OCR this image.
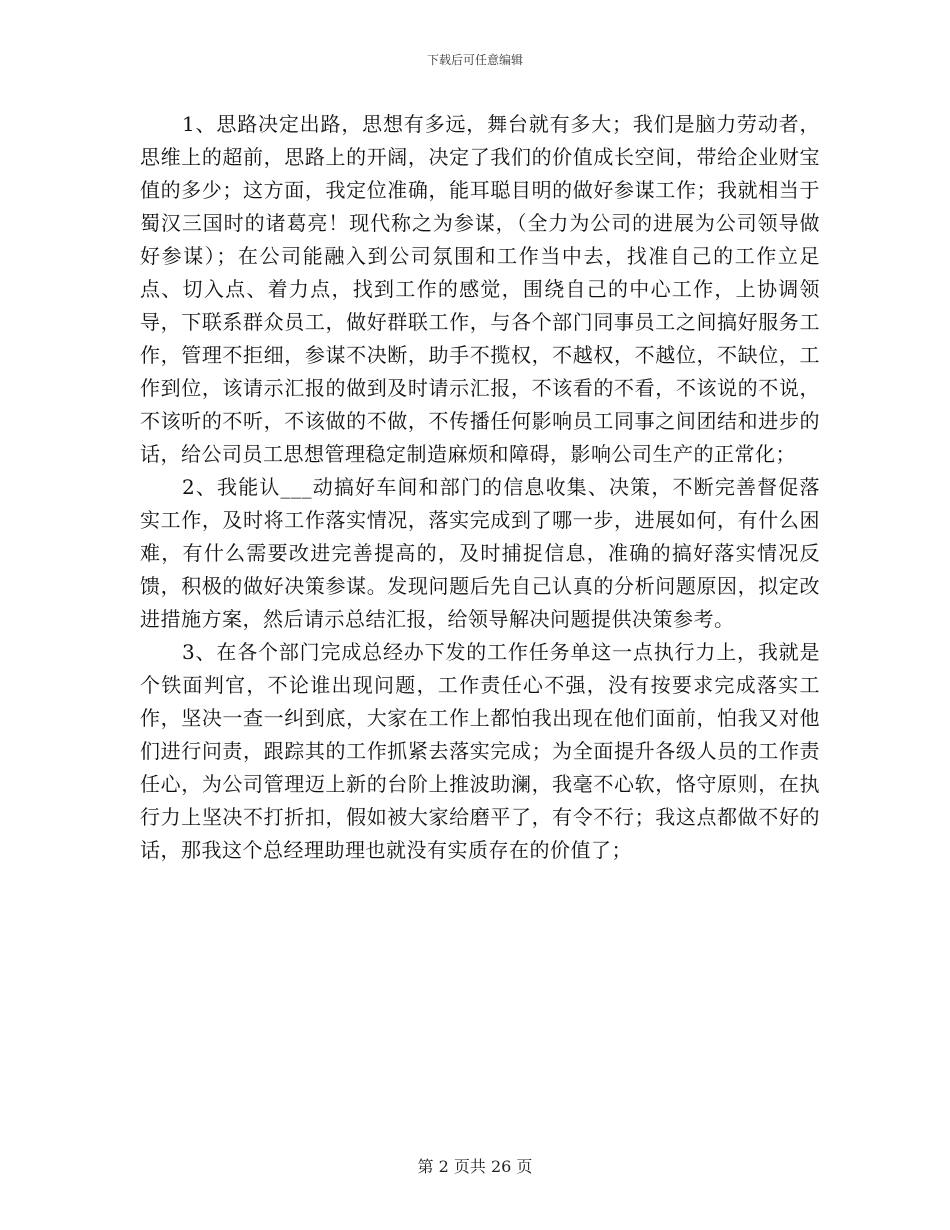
下载后可任意编辑

1、思路决定出路，思想有多远，舞台就有多大；我们是脑力劳动者，思维上的超前，思路上的开阔，决定了我们的价值成长空间，带给企业财宝值的多少；这方面，我定位准确，能耳聪目明的做好参谋工作；我就相当于蜀汉三国时的诸葛亮！现代称之为参谋，（全力为公司的进展为公司领导做好参谋）；在公司能融入到公司氛围和工作当中去，找准自己的工作立足点、切入点、着力点，找到工作的感觉，围绕自己的中心工作，上协调领导，下联系群众员工，做好群联工作，与各个部门同事员工之间搞好服务工作，管理不拒细，参谋不决断，助手不揽权，不越权，不越位，不缺位，工作到位，该请示汇报的做到及时请示汇报，不该看的不看，不该说的不说，不该听的不听，不该做的不做，不传播任何影响员工同事之间团结和进步的话，给公司员工思想管理稳定制造麻烦和障碍，影响公司生产的正常化；

2、我能认___动搞好车间和部门的信息收集、决策，不断完善督促落实工作，及时将工作落实情况，落实完成到了哪一步，进展如何，有什么困难，有什么需要改进完善提高的，及时捕捉信息，准确的搞好落实情况反馈，积极的做好决策参谋。发现问题后先自己认真的分析问题原因，拟定改进措施方案，然后请示总结汇报，给领导解决问题提供决策参考。

3、在各个部门完成总经办下发的工作任务单这一点执行力上，我就是个铁面判官，不论谁出现问题，工作责任心不强，没有按要求完成落实工作，坚决一查一纠到底，大家在工作上都怕我出现在他们面前，怕我又对他们进行问责，跟踪其的工作抓紧去落实完成；为全面提升各级人员的工作责任心，为公司管理迈上新的台阶上推波助澜，我毫不心软，恪守原则，在执行力上坚决不打折扣，假如被大家给磨平了，有令不行；我这点都做不好的话，那我这个总经理助理也就没有实质存在的价值了；

第 2 页共 26 页
